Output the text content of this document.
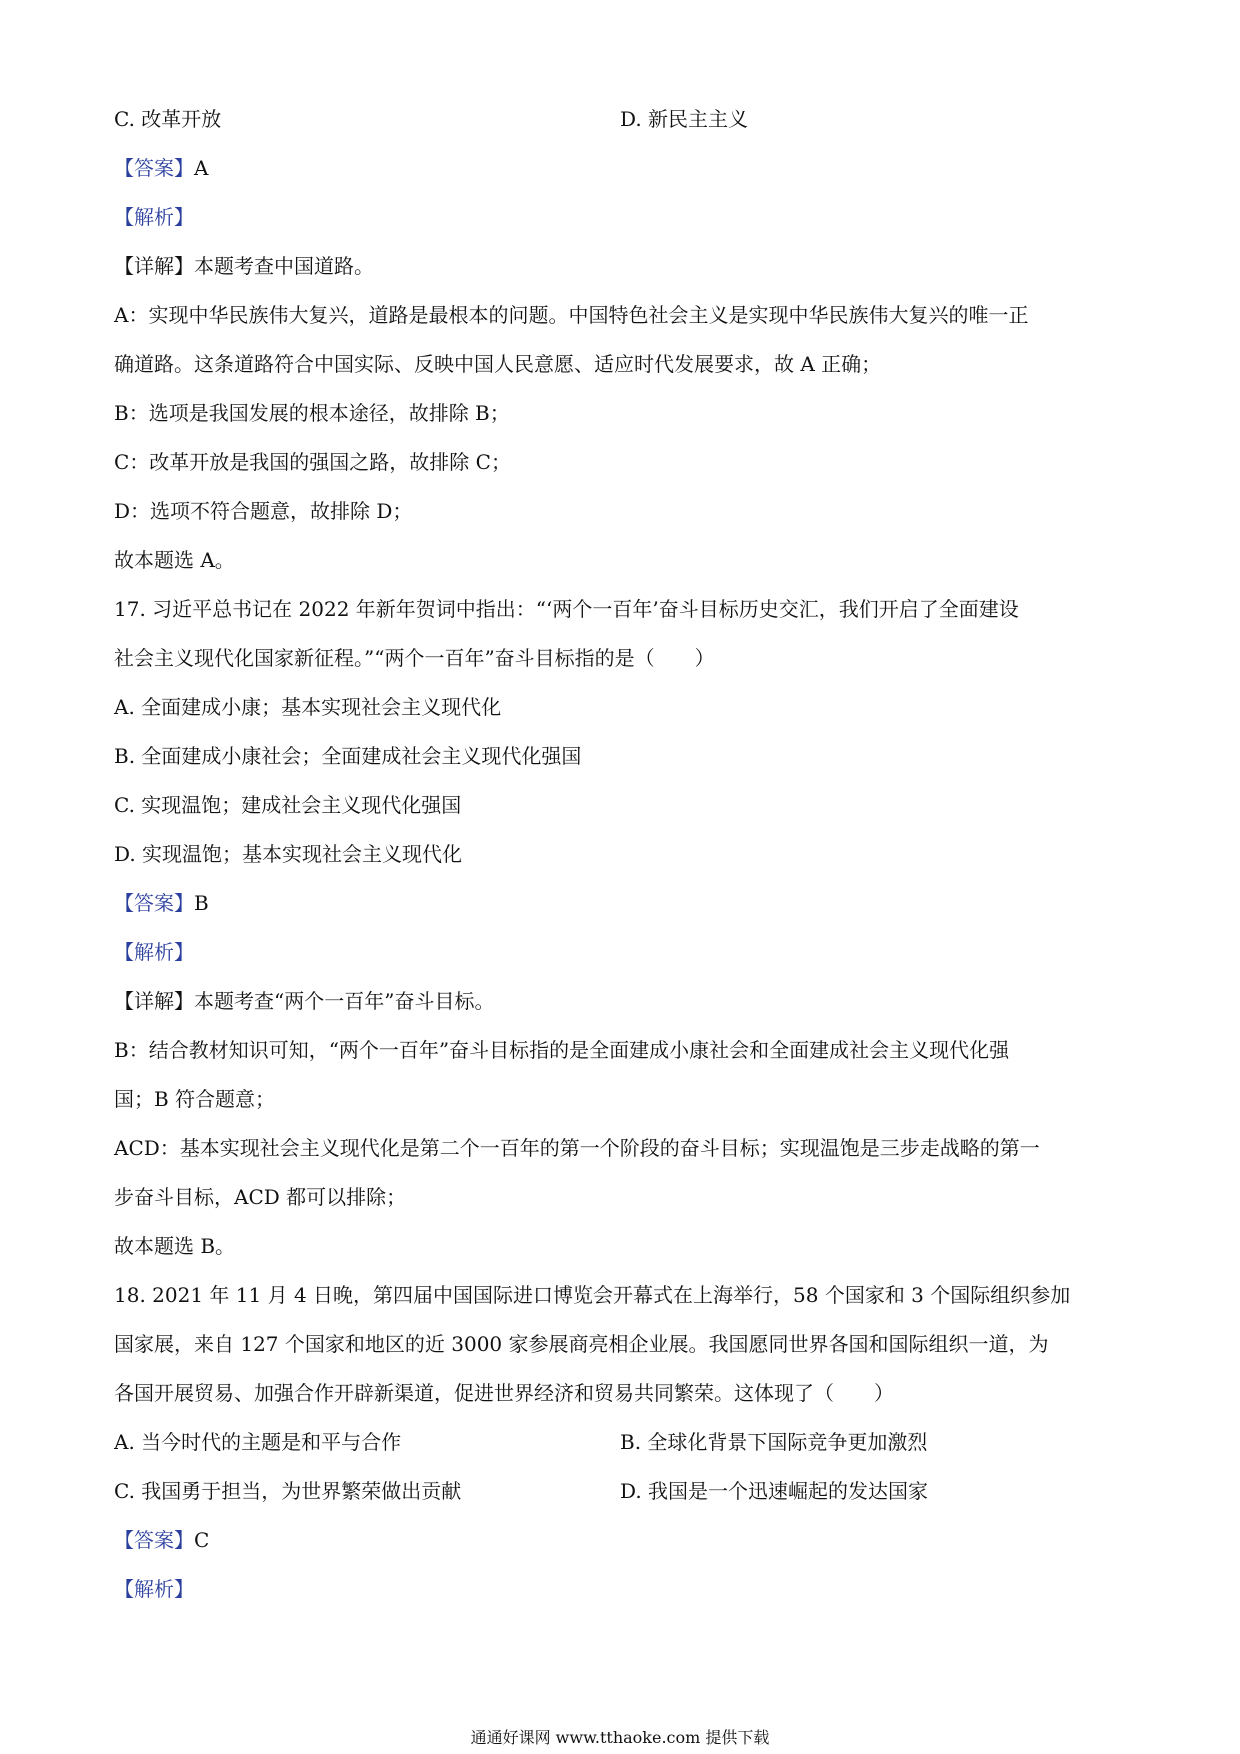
C. 改革开放	D. 新民主主义
【答案】A
【解析】
【详解】本题考查中国道路。
A：实现中华民族伟大复兴，道路是最根本的问题。中国特色社会主义是实现中华民族伟大复兴的唯一正
确道路。这条道路符合中国实际、反映中国人民意愿、适应时代发展要求，故 A 正确；
B：选项是我国发展的根本途径，故排除 B；
C：改革开放是我国的强国之路，故排除 C；
D：选项不符合题意，故排除 D；
故本题选 A。
17. 习近平总书记在 2022 年新年贺词中指出：“‘两个一百年’奋斗目标历史交汇，我们开启了全面建设
社会主义现代化国家新征程。”“两个一百年”奋斗目标指的是（　　）
A. 全面建成小康；基本实现社会主义现代化
B. 全面建成小康社会；全面建成社会主义现代化强国
C. 实现温饱；建成社会主义现代化强国
D. 实现温饱；基本实现社会主义现代化
【答案】B
【解析】
【详解】本题考查“两个一百年”奋斗目标。
B：结合教材知识可知，“两个一百年”奋斗目标指的是全面建成小康社会和全面建成社会主义现代化强
国；B 符合题意；
ACD：基本实现社会主义现代化是第二个一百年的第一个阶段的奋斗目标；实现温饱是三步走战略的第一
步奋斗目标，ACD 都可以排除；
故本题选 B。
18. 2021 年 11 月 4 日晚，第四届中国国际进口博览会开幕式在上海举行，58 个国家和 3 个国际组织参加
国家展，来自 127 个国家和地区的近 3000 家参展商亮相企业展。我国愿同世界各国和国际组织一道，为
各国开展贸易、加强合作开辟新渠道，促进世界经济和贸易共同繁荣。这体现了（　　）
A. 当今时代的主题是和平与合作	B. 全球化背景下国际竞争更加激烈
C. 我国勇于担当，为世界繁荣做出贡献	D. 我国是一个迅速崛起的发达国家
【答案】C
【解析】
通通好课网 www.tthaoke.com 提供下载
